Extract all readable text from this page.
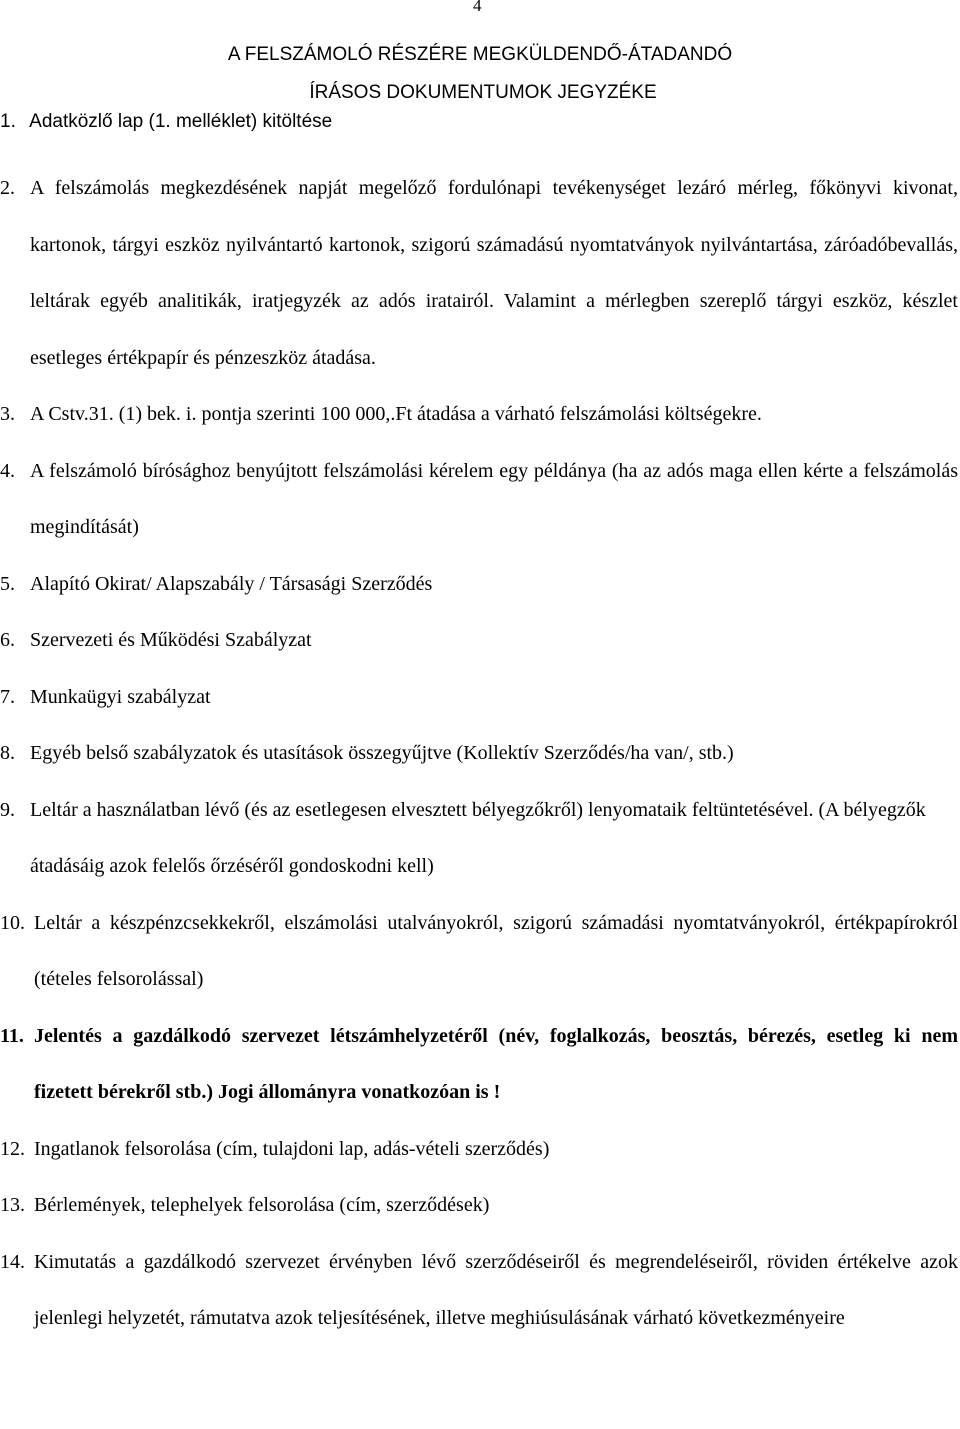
4
A FELSZÁMOLÓ RÉSZÉRE MEGKÜLDENDŐ-ÁTADANDÓ
ÍRÁSOS DOKUMENTUMOK JEGYZÉKE
1. Adatközlő lap (1. melléklet) kitöltése
2. A felszámolás megkezdésének napját megelőző fordulónapi tevékenységet lezáró mérleg, főkönyvi kivonat, kartonok, tárgyi eszköz nyilvántartó kartonok, szigorú számadású nyomtatványok nyilvántartása, záróadóbevallás, leltárak egyéb analitikák, iratjegyzék az adós iratairól. Valamint a mérlegben szereplő tárgyi eszköz, készlet esetleges értékpapír és pénzeszköz átadása.
3. A Cstv.31. (1) bek. i. pontja szerinti 100 000,.Ft átadása a várható felszámolási költségekre.
4. A felszámoló bírósághoz benyújtott felszámolási kérelem egy példánya (ha az adós maga ellen kérte a felszámolás megindítását)
5. Alapító Okirat/ Alapszabály / Társasági Szerződés
6. Szervezeti és Működési Szabályzat
7. Munkaügyi szabályzat
8. Egyéb belső szabályzatok és utasítások összegyűjtve (Kollektív Szerződés/ha van/, stb.)
9. Leltár a használatban lévő (és az esetlegesen elvesztett bélyegzőkről) lenyomataik feltüntetésével. (A bélyegzők átadásáig azok felelős őrzéséről gondoskodni kell)
10. Leltár a készpénzcsekkekről, elszámolási utalványokról, szigorú számadási nyomtatványokról, értékpapírokról (tételes felsorolással)
11. Jelentés a gazdálkodó szervezet létszámhelyzetéről (név, foglalkozás, beosztás, bérezés, esetleg ki nem fizetett bérekről stb.) Jogi állományra vonatkozóan is !
12. Ingatlanok felsorolása (cím, tulajdoni lap, adás-vételi szerződés)
13. Bérlemények, telephelyek felsorolása (cím, szerződések)
14. Kimutatás a gazdálkodó szervezet érvényben lévő szerződéseiről és megrendeléseiről, röviden értékelve azok jelenlegi helyzetét, rámutatva azok teljesítésének, illetve meghiúsulásának várható következményeire
